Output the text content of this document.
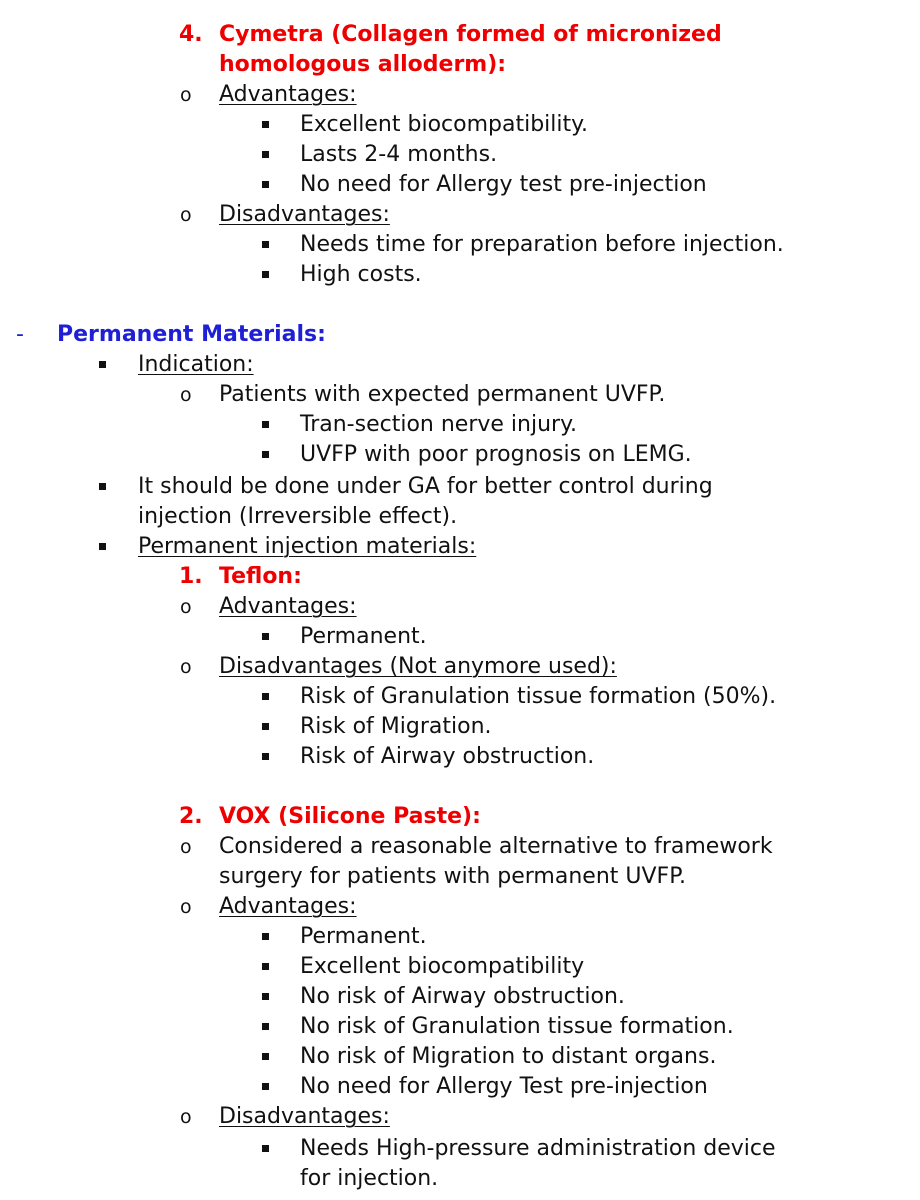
4. Cymetra (Collagen formed of micronized
homologous alloderm):
o Advantages:
Excellent biocompatibility.
Lasts 2-4 months.
No need for Allergy test pre-injection
o Disadvantages:
Needs time for preparation before injection.
High costs.
- Permanent Materials:
Indication:
o Patients with expected permanent UVFP.
Tran-section nerve injury.
UVFP with poor prognosis on LEMG.
It should be done under GA for better control during
injection (Irreversible effect).
Permanent injection materials:
1. Teflon:
o Advantages:
Permanent.
o Disadvantages (Not anymore used):
Risk of Granulation tissue formation (50%).
Risk of Migration.
Risk of Airway obstruction.
2. VOX (Silicone Paste):
o Considered a reasonable alternative to framework
surgery for patients with permanent UVFP.
o Advantages:
Permanent.
Excellent biocompatibility
No risk of Airway obstruction.
No risk of Granulation tissue formation.
No risk of Migration to distant organs.
No need for Allergy Test pre-injection
o Disadvantages:
Needs High-pressure administration device
for injection.
